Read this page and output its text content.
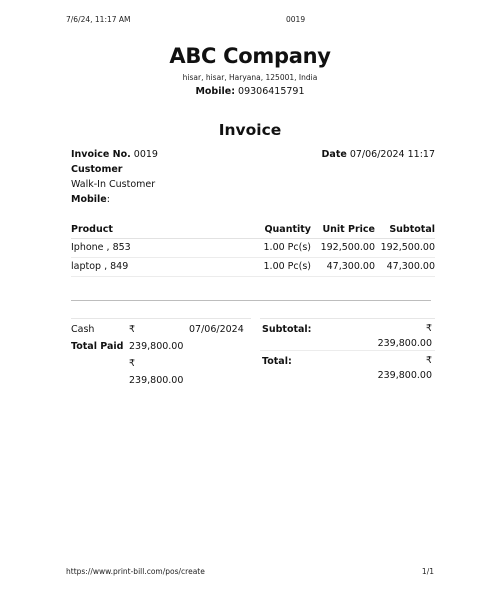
7/6/24, 11:17 AM	0019
ABC Company
hisar, hisar, Haryana, 125001, India
Mobile: 09306415791
Invoice
Invoice No. 0019
Customer
Walk-In Customer
Mobile:
Date 07/06/2024 11:17
Product	Quantity	Unit Price	Subtotal
Iphone , 853	1.00 Pc(s)	192,500.00	192,500.00
laptop , 849	1.00 Pc(s)	47,300.00	47,300.00
Cash	₹	07/06/2024
Total Paid 239,800.00
₹
239,800.00
Subtotal:	₹
239,800.00
Total:	₹
239,800.00
https://www.print-bill.com/pos/create	1/1
